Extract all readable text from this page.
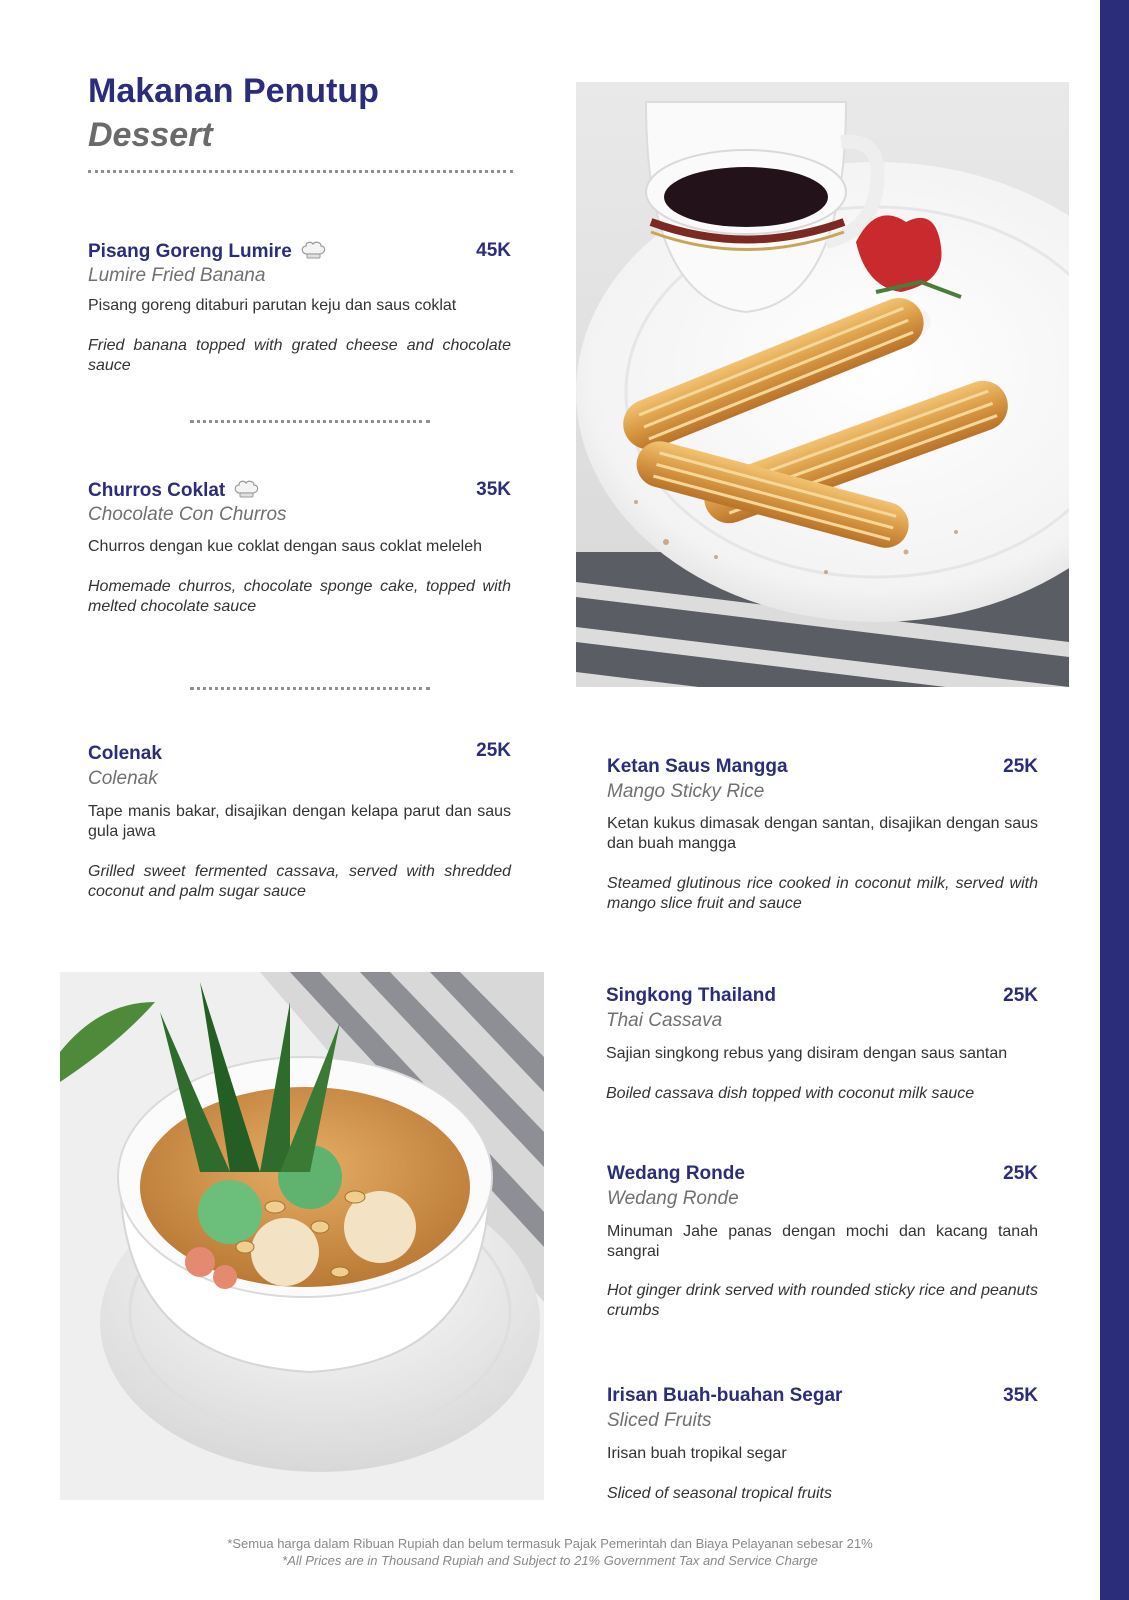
Makanan Penutup
Dessert
Pisang Goreng Lumire	45K
Lumire Fried Banana
Pisang goreng ditaburi parutan keju dan saus coklat
Fried banana topped with grated cheese and chocolate sauce
Churros Coklat	35K
Chocolate Con Churros
Churros dengan kue coklat dengan saus coklat meleleh
Homemade churros, chocolate sponge cake, topped with melted chocolate sauce
Colenak	25K
Colenak
Tape manis bakar, disajikan dengan kelapa parut dan saus gula jawa
Grilled sweet fermented cassava, served with shredded coconut and palm sugar sauce
Ketan Saus Mangga	25K
Mango Sticky Rice
Ketan kukus dimasak dengan santan, disajikan dengan saus dan buah mangga
Steamed glutinous rice cooked in coconut milk, served with mango slice fruit and sauce
Singkong Thailand	25K
Thai Cassava
Sajian singkong rebus yang disiram dengan saus santan
Boiled cassava dish topped with coconut milk sauce
Wedang Ronde	25K
Wedang Ronde
Minuman Jahe panas dengan mochi dan kacang tanah sangrai
Hot ginger drink served with rounded sticky rice and peanuts crumbs
Irisan Buah-buahan Segar	35K
Sliced Fruits
Irisan buah tropikal segar
Sliced of seasonal tropical fruits
*Semua harga dalam Ribuan Rupiah dan belum termasuk Pajak Pemerintah dan Biaya Pelayanan sebesar 21%
*All Prices are in Thousand Rupiah and Subject to 21% Government Tax and Service Charge
